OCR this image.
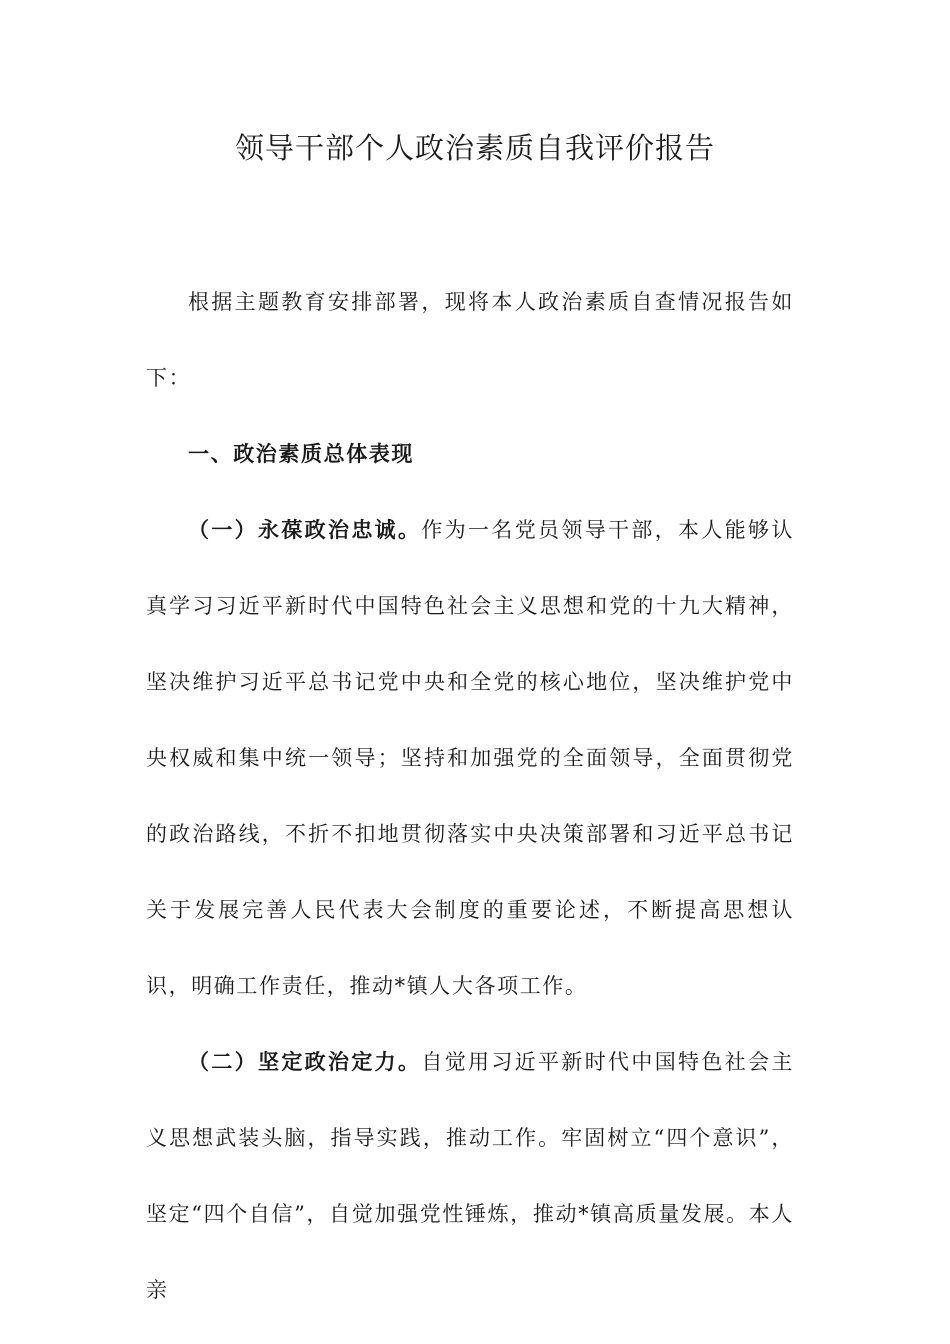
领导干部个人政治素质自我评价报告

根据主题教育安排部署，现将本人政治素质自查情况报告如下：

一、政治素质总体表现

（一）永葆政治忠诚。作为一名党员领导干部，本人能够认真学习习近平新时代中国特色社会主义思想和党的十九大精神，坚决维护习近平总书记党中央和全党的核心地位，坚决维护党中央权威和集中统一领导；坚持和加强党的全面领导，全面贯彻党的政治路线，不折不扣地贯彻落实中央决策部署和习近平总书记关于发展完善人民代表大会制度的重要论述，不断提高思想认识，明确工作责任，推动*镇人大各项工作。

（二）坚定政治定力。自觉用习近平新时代中国特色社会主义思想武装头脑，指导实践，推动工作。牢固树立“四个意识”，坚定“四个自信”，自觉加强党性锤炼，推动*镇高质量发展。本人亲
